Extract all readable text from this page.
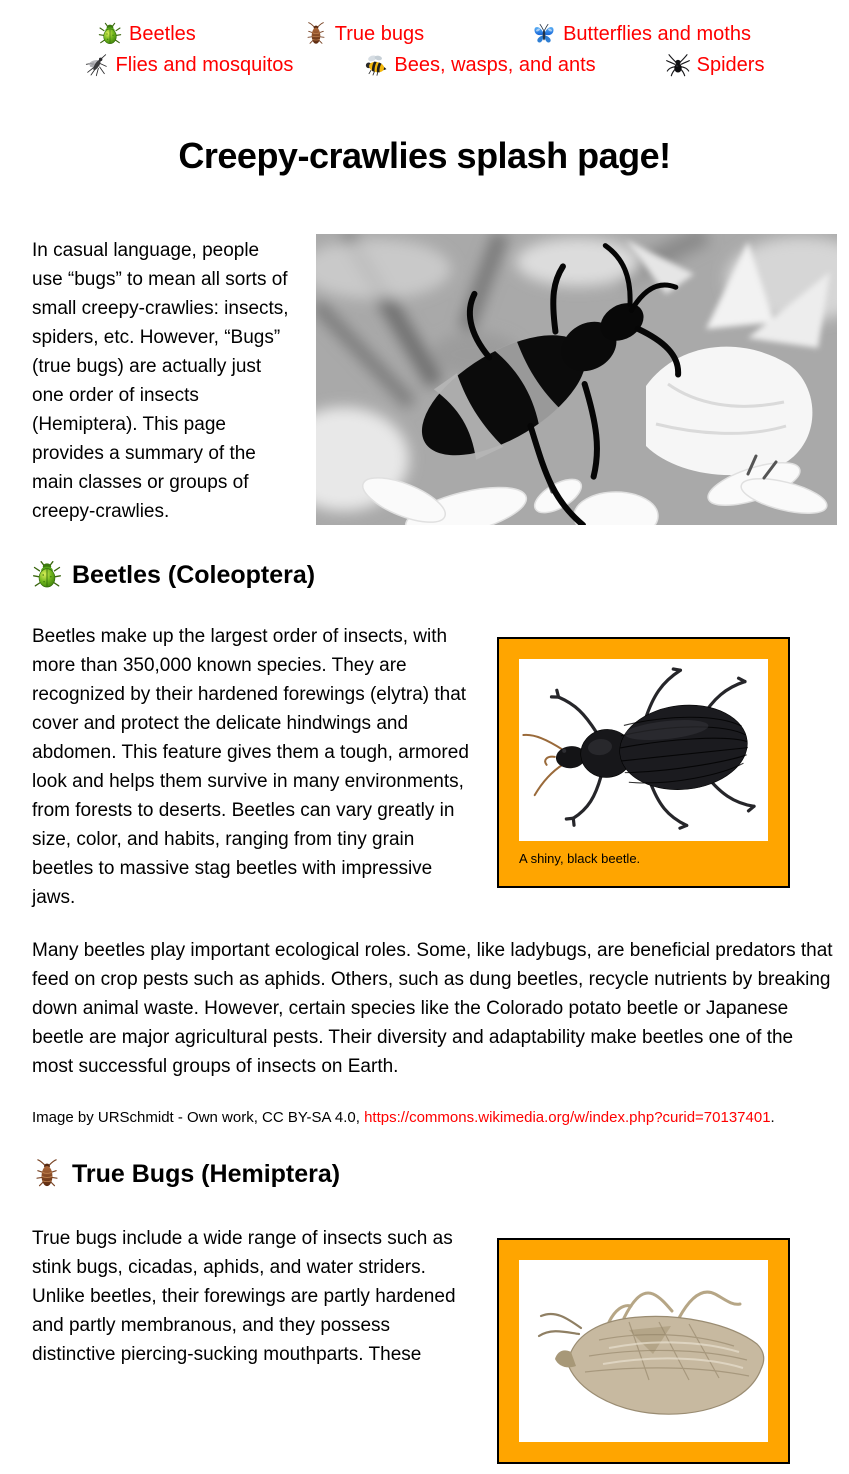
Beetles	True bugs	Butterflies and moths
Flies and mosquitos	Bees, wasps, and ants	Spiders
Creepy-crawlies splash page!

In casual language, people use “bugs” to mean all sorts of small creepy-crawlies: insects, spiders, etc. However, “Bugs” (true bugs) are actually just one order of insects (Hemiptera). This page provides a summary of the main classes or groups of creepy-crawlies.

Beetles (Coleoptera)
A shiny, black beetle.

Beetles make up the largest order of insects, with more than 350,000 known species. They are recognized by their hardened forewings (elytra) that cover and protect the delicate hindwings and abdomen. This feature gives them a tough, armored look and helps them survive in many environments, from forests to deserts. Beetles can vary greatly in size, color, and habits, ranging from tiny grain beetles to massive stag beetles with impressive jaws.

Many beetles play important ecological roles. Some, like ladybugs, are beneficial predators that feed on crop pests such as aphids. Others, such as dung beetles, recycle nutrients by breaking down animal waste. However, certain species like the Colorado potato beetle or Japanese beetle are major agricultural pests. Their diversity and adaptability make beetles one of the most successful groups of insects on Earth.

Image by URSchmidt - Own work, CC BY-SA 4.0, https://commons.wikimedia.org/w/index.php?curid=70137401.

True Bugs (Hemiptera)

True bugs include a wide range of insects such as stink bugs, cicadas, aphids, and water striders. Unlike beetles, their forewings are partly hardened and partly membranous, and they possess distinctive piercing-sucking mouthparts. These
